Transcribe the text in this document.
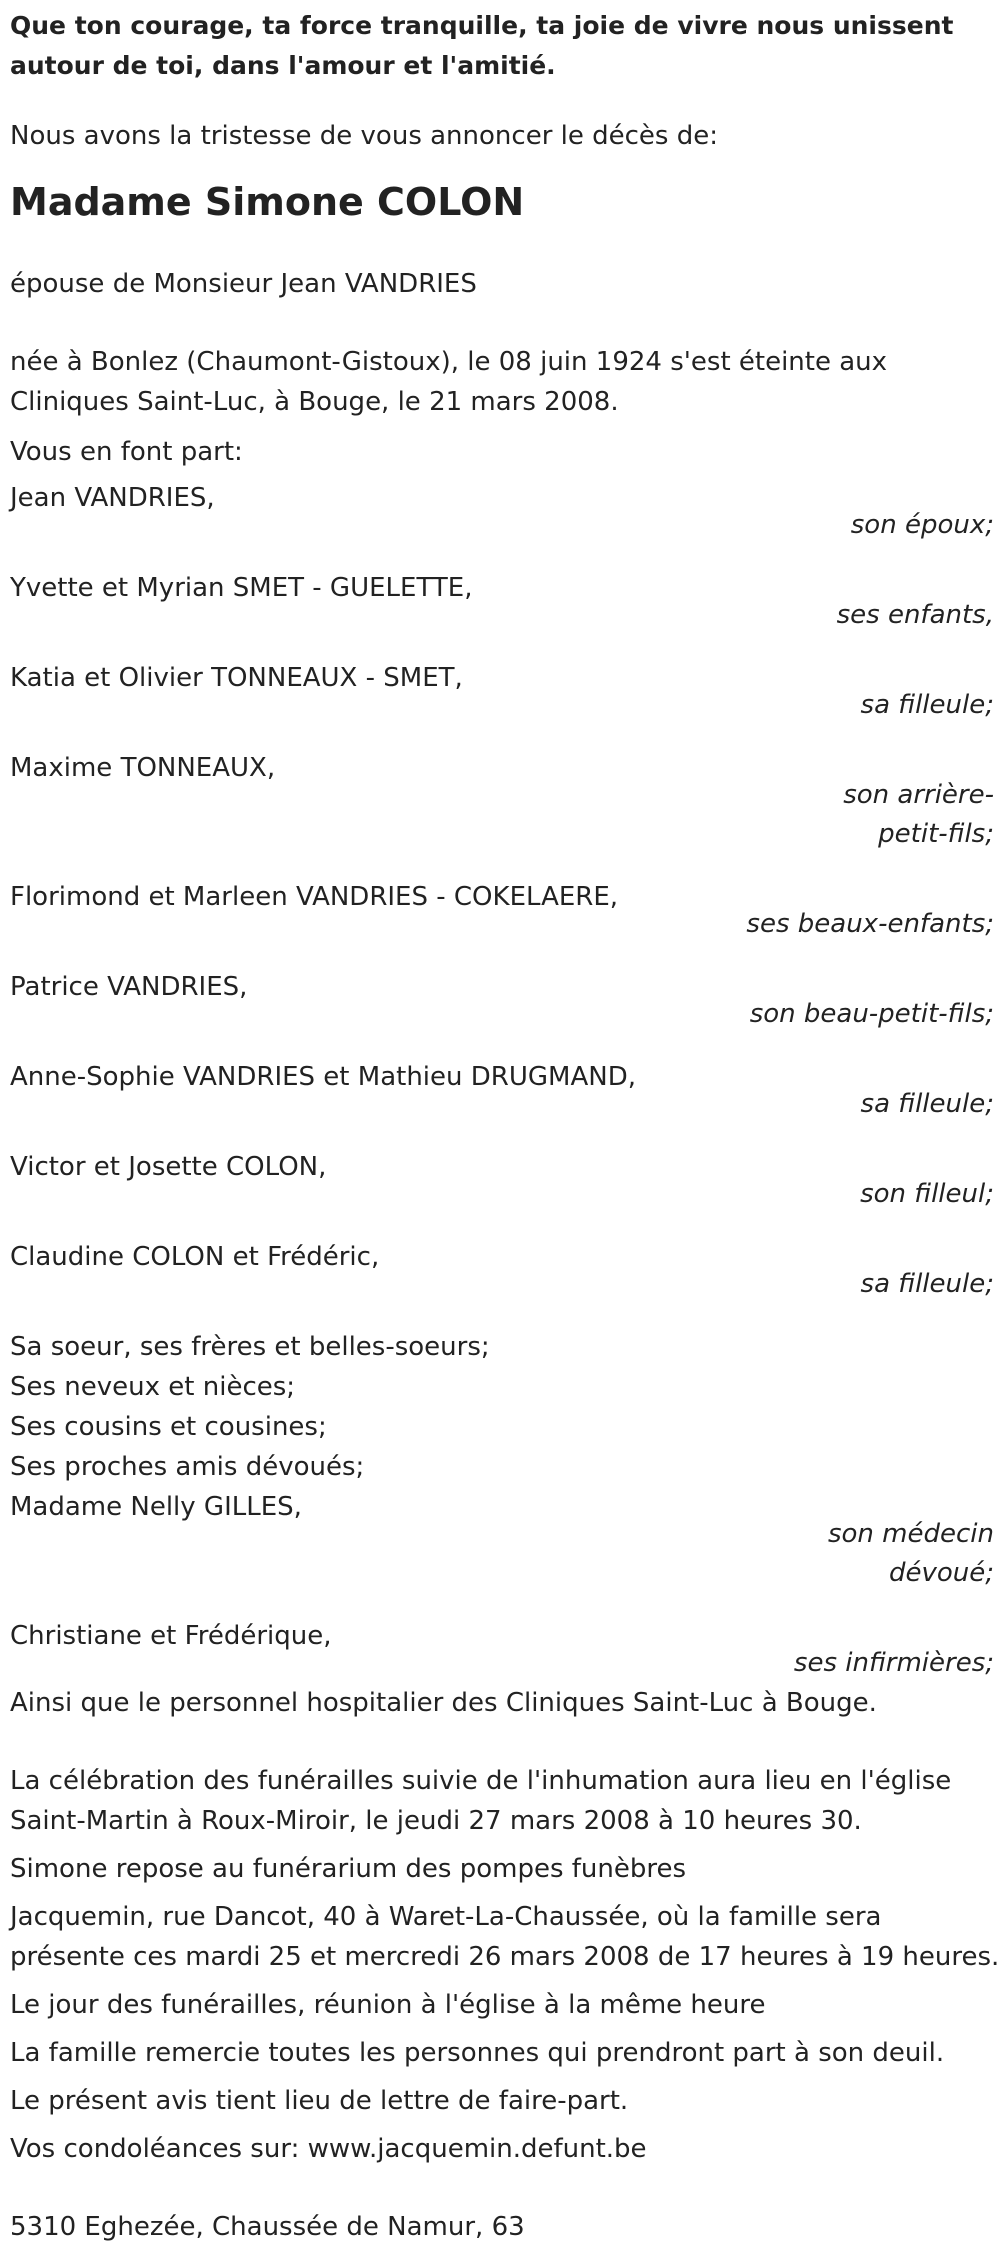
Que ton courage, ta force tranquille, ta joie de vivre nous unissent autour de toi, dans l'amour et l'amitié.

Nous avons la tristesse de vous annoncer le décès de:

Madame Simone COLON

épouse de Monsieur Jean VANDRIES

née à Bonlez (Chaumont-Gistoux), le 08 juin 1924 s'est éteinte aux Cliniques Saint-Luc, à Bouge, le 21 mars 2008.

Vous en font part:

Jean VANDRIES,

son époux;

Yvette et Myrian SMET - GUELETTE,

ses enfants,

Katia et Olivier TONNEAUX - SMET,

sa filleule;

Maxime TONNEAUX,

son arrière-petit-fils;

Florimond et Marleen VANDRIES - COKELAERE,

ses beaux-enfants;

Patrice VANDRIES,

son beau-petit-fils;

Anne-Sophie VANDRIES et Mathieu DRUGMAND,

sa filleule;

Victor et Josette COLON,

son filleul;

Claudine COLON et Frédéric,

sa filleule;

Sa soeur, ses frères et belles-soeurs;

Ses neveux et nièces;

Ses cousins et cousines;

Ses proches amis dévoués;

Madame Nelly GILLES,

son médecin dévoué;

Christiane et Frédérique,

ses infirmières;

Ainsi que le personnel hospitalier des Cliniques Saint-Luc à Bouge.

La célébration des funérailles suivie de l'inhumation aura lieu en l'église Saint-Martin à Roux-Miroir, le jeudi 27 mars 2008 à 10 heures 30.

Simone repose au funérarium des pompes funèbres

Jacquemin, rue Dancot, 40 à Waret-La-Chaussée, où la famille sera présente ces mardi 25 et mercredi 26 mars 2008 de 17 heures à 19 heures.

Le jour des funérailles, réunion à l'église à la même heure

La famille remercie toutes les personnes qui prendront part à son deuil.

Le présent avis tient lieu de lettre de faire-part.

Vos condoléances sur: www.jacquemin.defunt.be

5310 Eghezée, Chaussée de Namur, 63
